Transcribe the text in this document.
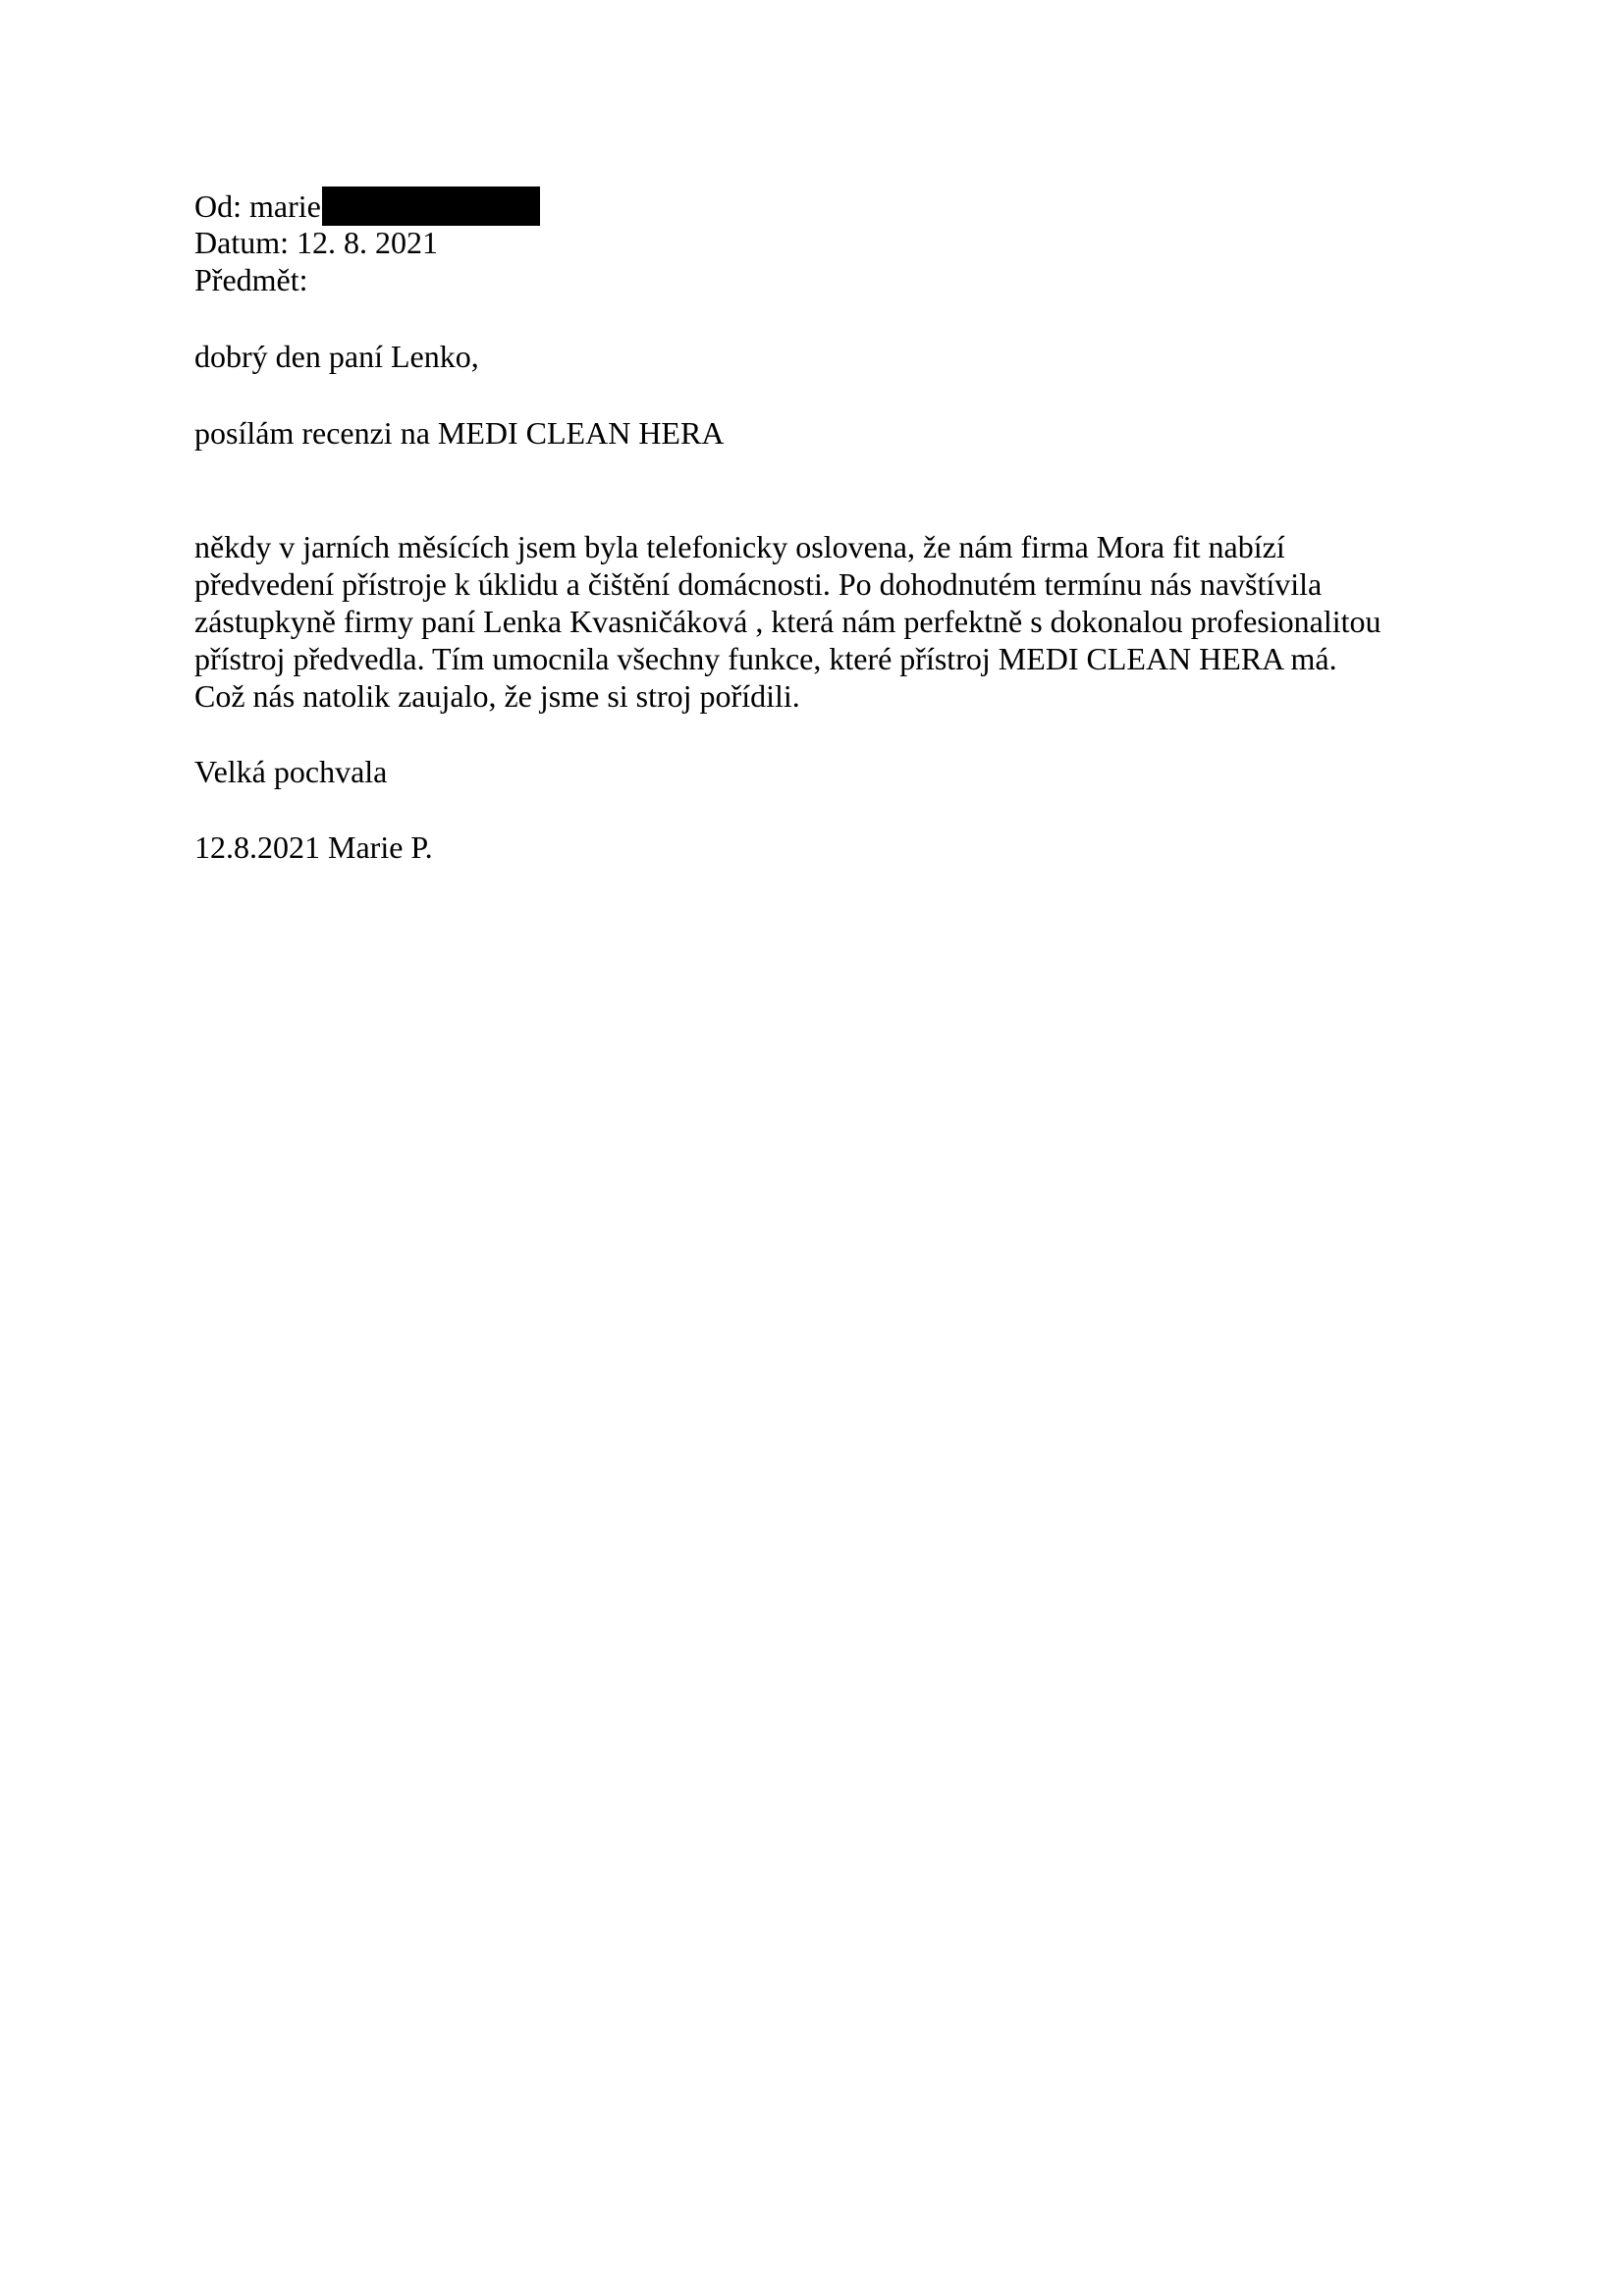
Od: marie
Datum: 12. 8. 2021
Předmět:
dobrý den paní Lenko,
posílám recenzi na MEDI CLEAN HERA
někdy v jarních měsících jsem byla telefonicky oslovena, že nám firma Mora fit nabízí
předvedení přístroje k úklidu a čištění domácnosti. Po dohodnutém termínu nás navštívila
zástupkyně firmy paní Lenka Kvasničáková , která nám perfektně s dokonalou profesionalitou
přístroj předvedla. Tím umocnila všechny funkce, které přístroj MEDI CLEAN HERA má.
Což nás natolik zaujalo, že jsme si stroj pořídili.
Velká pochvala
12.8.2021 Marie P.
